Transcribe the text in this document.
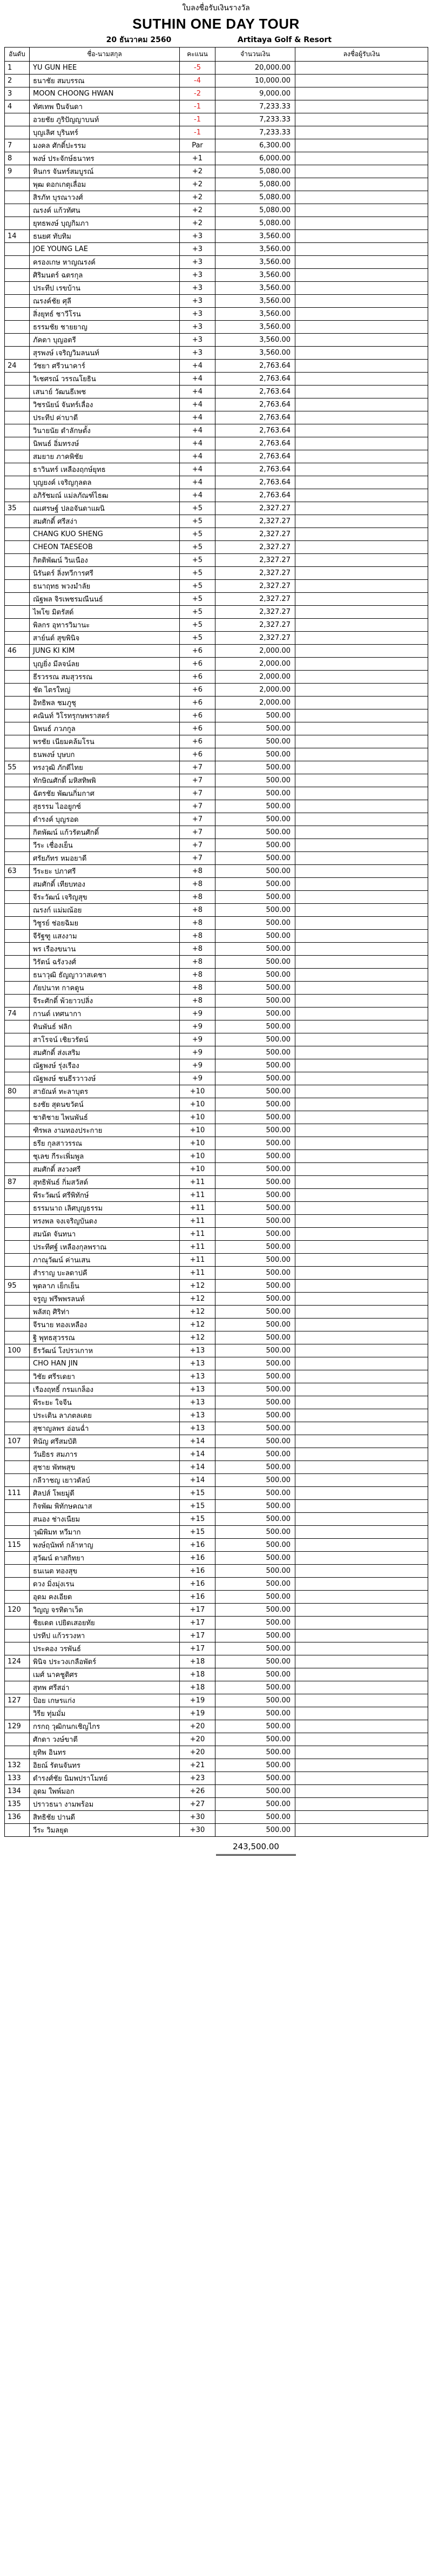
ใบลงชื่อรับเงินรางวัล
SUTHIN ONE DAY TOUR
20 ธันวาคม 2560	Artitaya Golf & Resort
อันดับ	ชื่อ-นามสกุล	คะแนน	จำนวนเงิน	ลงชื่อผู้รับเงิน
1	YU GUN HEE	-5	20,000.00	
2	ธนาชัย สมบรรณ	-4	10,000.00	
3	MOON CHOONG HWAN	-2	9,000.00	
4	ทัศเทพ ปืนจันดา	-1	7,233.33	
	อวยชัย ภูริปัญญาบนท์	-1	7,233.33	
	บุญเลิศ บุรินทร์	-1	7,233.33	
7	มงคล ศักดิ์ปะรรม	Par	6,300.00	
8	พงษ์ ประจักษ์ธนาทร	+1	6,000.00	
9	หินกร จันทร์สมบูรณ์	+2	5,080.00	
	พุฒ ดอกเกตุเลื่อม	+2	5,080.00	
	สิรภัท บุรณาวงศ์	+2	5,080.00	
	ณรงค์ แก้วทัศน	+2	5,080.00	
	ยุทธพงษ์ บุญกิมภา	+2	5,080.00	
14	ธนยศ ทับทิม	+3	3,560.00	
	JOE YOUNG LAE	+3	3,560.00	
	ครองเกษ หาญณรงค์	+3	3,560.00	
	ศิริมนตร์ ฉตรกุล	+3	3,560.00	
	ประทีป เรขบ้าน	+3	3,560.00	
	ณรงค์ชัย ศุลี	+3	3,560.00	
	สิ่งยุทธ์ ชาวีโรน	+3	3,560.00	
	ธรรมชัย ชายยาญ	+3	3,560.00	
	ภัคดา บุญอตรี	+3	3,560.00	
	สุรพงษ์ เจริญวิมลนนท์	+3	3,560.00	
24	วัชยา ศรีวนาคาร์	+4	2,763.64	
	วิเชศรณ์ วรรณโยธิน	+4	2,763.64	
	เสนาย์ วัฒนธีเพช	+4	2,763.64	
	วิชรนัยน์ จันทร์เลื่อง	+4	2,763.64	
	ประทีป ค่าบาดี	+4	2,763.64	
	วินายนัย ดำลักษตั้ง	+4	2,763.64	
	นิพนธ์ อิ่มทรงษ์	+4	2,763.64	
	สมยาย ภาคพิชัย	+4	2,763.64	
	ธาวินทร์ เหลืองฤกษ์ยุทธ	+4	2,763.64	
	บุญยงค์ เจริญกุลดล	+4	2,763.64	
	อภิรัชมณ์ แม่ลภัณฑ์ไธฒ	+4	2,763.64	
35	ณเศรษฐ์ ปลอจันดาแผนิ	+5	2,327.27	
	สมศักดิ์ ศรีสง่า	+5	2,327.27	
	CHANG KUO SHENG	+5	2,327.27	
	CHEON TAESEOB	+5	2,327.27	
	กิตติพัฒน์ วินเนือง	+5	2,327.27	
	นิรันดร์ ลิ่งทวีการศรี	+5	2,327.27	
	ธนาฤทธ พวงมำลัย	+5	2,327.27	
	ณัฐพล จิรเพชรมณีนนธ์	+5	2,327.27	
	ไพโข มิตรัสด์	+5	2,327.27	
	พิลกร อุทารวิมานะ	+5	2,327.27	
	สาย์นต์ สุขพินิจ	+5	2,327.27	
46	JUNG KI KIM	+6	2,000.00	
	บุญยิ่ง มีลจน์ลย	+6	2,000.00	
	ธีรวรรณ สมสุวรรณ	+6	2,000.00	
	ชัด ไตรใหญ่	+6	2,000.00	
	อิทธิพล ชมภูชุ	+6	2,000.00	
	คณินท์ วิโรทรุกษพราสตร์	+6	500.00	
	นิพนธ์ ภวภกูล	+6	500.00	
	พรชัย เนียมคล้มโรน	+6	500.00	
	ธนพงษ์ บุษบก	+6	500.00	
55	ทรงวุฒิ ภักดีไทย	+7	500.00	
	ทักษิณศักดิ์ มหิสทิพพิ	+7	500.00	
	ฉัตรชัย พัฒนกิ่มกาศ	+7	500.00	
	สุธรรม ไออยูกซ์	+7	500.00	
	ดำรงค์ บุญรอด	+7	500.00	
	กิตพัฒน์ แก้วรัตนศักดิ์	+7	500.00	
	วีระ เชื่องเย็น	+7	500.00	
	ศรัยภัทร หมอยาดี	+7	500.00	
63	วีระยะ ปภาศรี	+8	500.00	
	สมศักดิ์ เทียบทอง	+8	500.00	
	จีระวัฒน์ เจริญสุข	+8	500.00	
	ณรงก์ แม่มณ้อย	+8	500.00	
	วิชูรย์ ช่อยฉิมย	+8	500.00	
	จีรัฐฑู แสงงาม	+8	500.00	
	พร เรืองขนาน	+8	500.00	
	วิรัตน์ ฉรังวงศ์	+8	500.00	
	ธนาวุฒิ ธัญญาวาสเดชา	+8	500.00	
	ภัยปนาท กาคดูน	+8	500.00	
	จีระศักดิ์ พ้วยาวปลิ่ง	+8	500.00	
74	กานต์ เทศนากา	+9	500.00	
	ทินพันธ์ ฟลิก	+9	500.00	
	สาโรจน์ เชิยวรัตน์	+9	500.00	
	สมศักดิ์ ส่งเสริม	+9	500.00	
	ณัฐพงษ์ รุ่งเรือง	+9	500.00	
	ณัฐพงษ์ ชนธีรวาวงษ์	+9	500.00	
80	สายัณห์ ทะลาบุตร	+10	500.00	
	ธงชัย สุดนขวัตน์	+10	500.00	
	ชาติชาย ไพนพันธ์	+10	500.00	
	ฑิรพล งามทองประกาย	+10	500.00	
	ธรีย กุลสาวรรณ	+10	500.00	
	ชุเลข กีระเพิ่มพูล	+10	500.00	
	สมศักดิ์ สงวงศรี	+10	500.00	
87	สุทธิพันธ์ กิ่มสวัสด์	+11	500.00	
	พีระวัฒน์ ศรีพิทักษ์	+11	500.00	
	ธรรมนาถ เลิศบุญธรรม	+11	500.00	
	ทรงพล จงเจริญบันดง	+11	500.00	
	สมนัด จันทนา	+11	500.00	
	ประทีศฐ์ เหลืองกุลพราณ	+11	500.00	
	ภาณุวัฒน์ ค่านเสน	+11	500.00	
	สำราญ บะลดาปคี	+11	500.00	
95	พุดลาภ เย็กเย็น	+12	500.00	
	จรูญ ฟรีพพรลนท์	+12	500.00	
	พลัสฤ ศิริท่า	+12	500.00	
	จีรนาย ทองเหลือง	+12	500.00	
	ฐิ พุทธสุวรรณ	+12	500.00	
100	ธีรวัฒน์ โงปรวเกาห	+13	500.00	
	CHO HAN JIN	+13	500.00	
	วิชัย ศรีรเดยา	+13	500.00	
	เรืองฤทธิ์ กรมเกล็อง	+13	500.00	
	พีระยะ ใจจีน	+13	500.00	
	ประเติน ลาภตลเดย	+13	500.00	
	สุชาญลพร อ่อนฉ่ำ	+13	500.00	
107	ทินัญ ศรีสมบัติ	+14	500.00	
	วันยิธร สมภาร	+14	500.00	
	สุชาย พัทพสุข	+14	500.00	
	กลีวาชญ เยาวดัลบ์	+14	500.00	
111	ศิลปส์ โพยมู่ดี	+15	500.00	
	กิจพัฒ พิทักษคณาส	+15	500.00	
	สนอง ช่างเนียม	+15	500.00	
	วุฒิพิมท หวีมาก	+15	500.00	
115	พงษ์ฤนัพท์ กล้าหาญ	+16	500.00	
	สุวัฒน์ ดาสกิทยา	+16	500.00	
	ธนเนต ทองสุข	+16	500.00	
	ดวง มิ่งมุ่งเรน	+16	500.00	
	อุดม คงเอียด	+16	500.00	
120	วิญญ จรทิดาเว็ต	+17	500.00	
	ชิยเดต เปยิดเสอยทัย	+17	500.00	
	ปรทีป แก้วรวงหา	+17	500.00	
	ประคอง วรพันธ์	+17	500.00	
124	พินิจ ประวงเกลือพัดร์	+18	500.00	
	เมศ์ นาคชูติศร	+18	500.00	
	สุทพ ศรีสอ่า	+18	500.00	
127	ป้อย เกษรแก่ง	+19	500.00	
	วิรีย ทุ่มมั่ม	+19	500.00	
129	กรกฤ วุฒิกนกเชิญไกร	+20	500.00	
	ศักดา วงษ์ขาตี	+20	500.00	
	ยุทิพ อินทร	+20	500.00	
132	อิยณ์ รัตนจันทร	+21	500.00	
133	ดำรงศ์ชัย นิมพปราโมทย์	+23	500.00	
134	อุดม ใพพ์มอก	+26	500.00	
135	ปราวธนา งามพร้อม	+27	500.00	
136	สิทธิชัย ปานดี	+30	500.00	
	วีระ วิมลยุด	+30	500.00	
243,500.00
